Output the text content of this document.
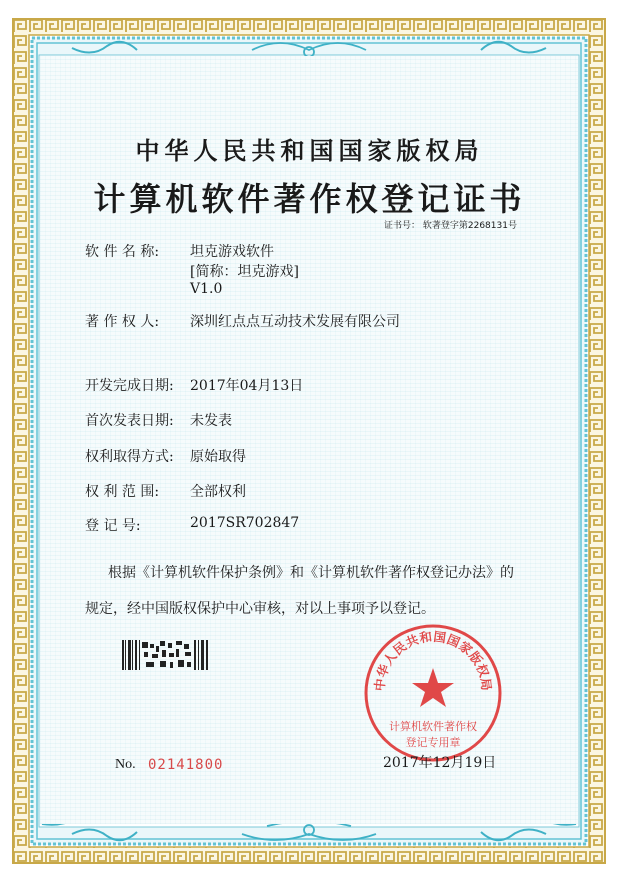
中华人民共和国国家版权局
计算机软件著作权登记证书
证书号： 软著登字第2268131号
软 件 名 称: 坦克游戏软件
[简称：坦克游戏]
V1.0
著 作 权 人: 深圳红点点互动技术发展有限公司
开发完成日期: 2017年04月13日
首次发表日期: 未发表
权利取得方式: 原始取得
权 利 范 围: 全部权利
登 记 号:	2017SR702847
根据《计算机软件保护条例》和《计算机软件著作权登记办法》的
规定，经中国版权保护中心审核，对以上事项予以登记。
中华人民共和国国家版权局
计算机软件著作权
登记专用章
No. 02141800	2017年12月19日
